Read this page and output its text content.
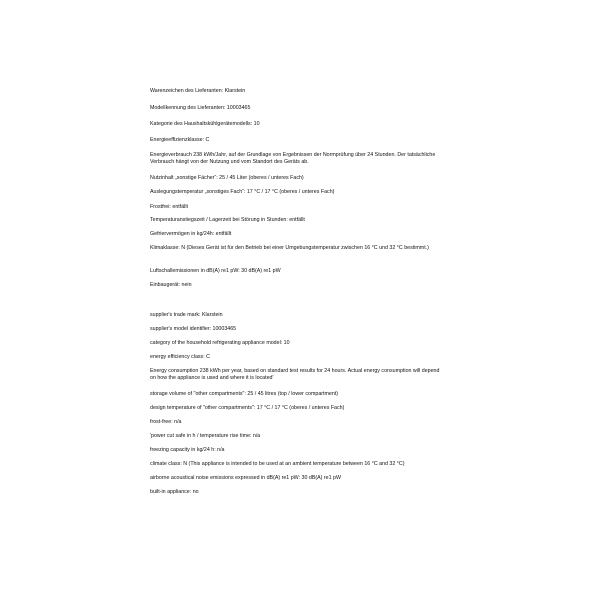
Warenzeichen des Lieferanten: Klarstein
Modellkennung des Lieferanten: 10003465
Kategorie des Haushaltskühlgerätemodells: 10
Energieeffizienzklasse: C
Energieverbrauch 238 kWh/Jahr, auf der Grundlage von Ergebnissen der Normprüfung über 24 Stunden. Der tatsächliche Verbrauch hängt von der Nutzung und vom Standort des Geräts ab.
Nutzinhalt „sonstige Fächer“: 25 / 45 Liter (oberes / unteres Fach)
Auslegungstemperatur „sonstiges Fach“: 17 °C / 17 °C (oberes / unteres Fach)
Frostfrei: entfällt
Temperaturanstiegszeit / Lagerzeit bei Störung in Stunden: entfällt
Gefriervermögen in kg/24h: entfällt
Klimaklasse: N (Dieses Gerät ist für den Betrieb bei einer Umgebungstemperatur zwischen 16 °C und 32 °C bestimmt.)
Luftschallemissionen in dB(A) re1 pW: 30 dB(A) re1 pW
Einbaugerät: nein
supplier's trade mark: Klarstein
supplier's model identifier: 10003465
category of the household refrigerating appliance model: 10
energy efficiency class: C
Energy consumption 238 kWh per year, based on standard test results for 24 hours. Actual energy consumption will depend on how the appliance is used and where it is located'
storage volume of "other compartments": 25 / 45 litres (top / lower compartment)
design temperature of "other compartments": 17 °C / 17 °C (oberes / unteres Fach)
frost-free: n/a
'power cut safe in h / temperature rise time: n/a
freezing capacity in kg/24 h: n/a
climate class: N (This appliance is intended to be used at an ambient temperature between 16 °C and 32 °C)
airborne acoustical noise emissions expressed in dB(A) re1 pW: 30 dB(A) re1 pW
built-in appliance: no
